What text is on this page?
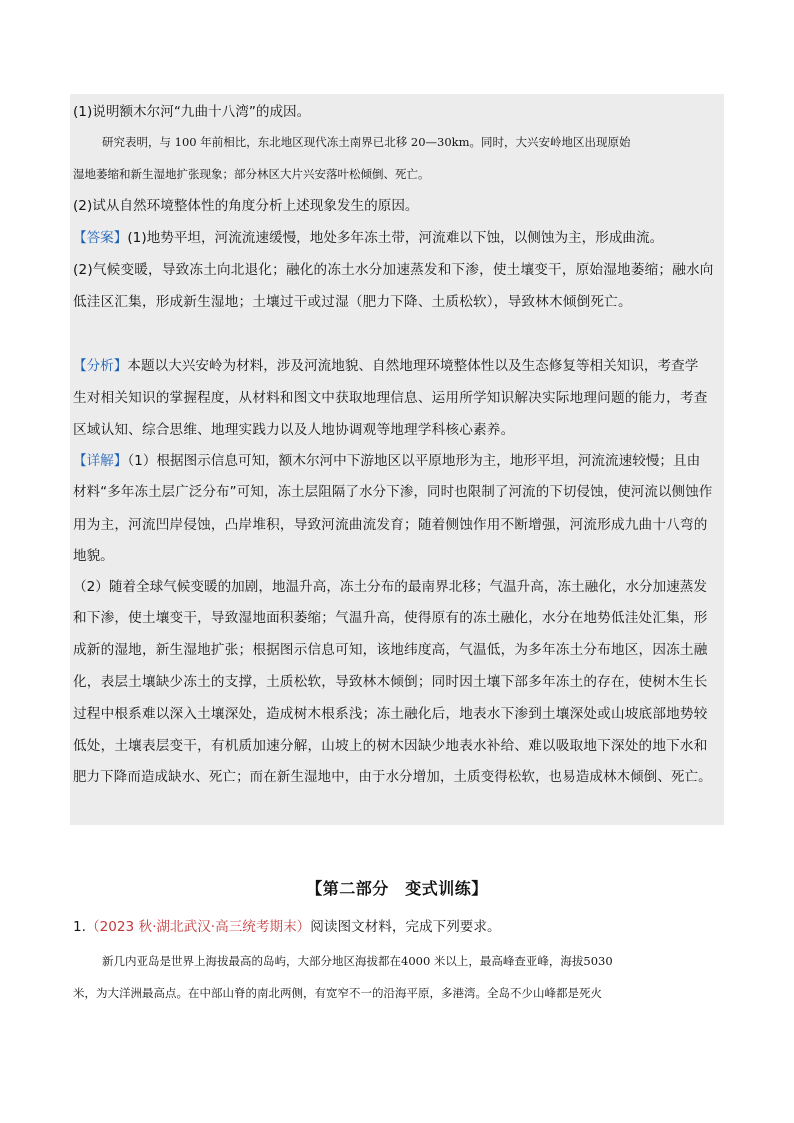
(1)说明额木尔河“九曲十八湾”的成因。
研究表明，与 100 年前相比，东北地区现代冻土南界已北移 20—30km。同时，大兴安岭地区出现原始
湿地萎缩和新生湿地扩张现象；部分林区大片兴安落叶松倾倒、死亡。
(2)试从自然环境整体性的角度分析上述现象发生的原因。
【答案】(1)地势平坦，河流流速缓慢，地处多年冻土带，河流难以下蚀，以侧蚀为主，形成曲流。
(2)气候变暖，导致冻土向北退化；融化的冻土水分加速蒸发和下渗，使土壤变干，原始湿地萎缩；融水向
低洼区汇集，形成新生湿地；土壤过干或过湿（肥力下降、土质松软），导致林木倾倒死亡。
【分析】本题以大兴安岭为材料，涉及河流地貌、自然地理环境整体性以及生态修复等相关知识，考查学
生对相关知识的掌握程度，从材料和图文中获取地理信息、运用所学知识解决实际地理问题的能力，考查
区域认知、综合思维、地理实践力以及人地协调观等地理学科核心素养。
【详解】（1）根据图示信息可知，额木尔河中下游地区以平原地形为主，地形平坦，河流流速较慢；且由
材料“多年冻土层广泛分布”可知，冻土层阻隔了水分下渗，同时也限制了河流的下切侵蚀，使河流以侧蚀作
用为主，河流凹岸侵蚀，凸岸堆积，导致河流曲流发育；随着侧蚀作用不断增强，河流形成九曲十八弯的
地貌。
（2）随着全球气候变暖的加剧，地温升高，冻土分布的最南界北移；气温升高，冻土融化，水分加速蒸发
和下渗，使土壤变干，导致湿地面积萎缩；气温升高，使得原有的冻土融化，水分在地势低洼处汇集，形
成新的湿地，新生湿地扩张；根据图示信息可知，该地纬度高，气温低，为多年冻土分布地区，因冻土融
化，表层土壤缺少冻土的支撑，土质松软，导致林木倾倒；同时因土壤下部多年冻土的存在，使树木生长
过程中根系难以深入土壤深处，造成树木根系浅；冻土融化后，地表水下渗到土壤深处或山坡底部地势较
低处，土壤表层变干，有机质加速分解，山坡上的树木因缺少地表水补给、难以吸取地下深处的地下水和
肥力下降而造成缺水、死亡；而在新生湿地中，由于水分增加，土质变得松软，也易造成林木倾倒、死亡。
【第二部分　变式训练】
1.（2023 秋·湖北武汉·高三统考期末）阅读图文材料，完成下列要求。
新几内亚岛是世界上海拔最高的岛屿，大部分地区海拔都在4000 米以上，最高峰查亚峰，海拔5030
米，为大洋洲最高点。在中部山脊的南北两侧，有宽窄不一的沿海平原，多港湾。全岛不少山峰都是死火
